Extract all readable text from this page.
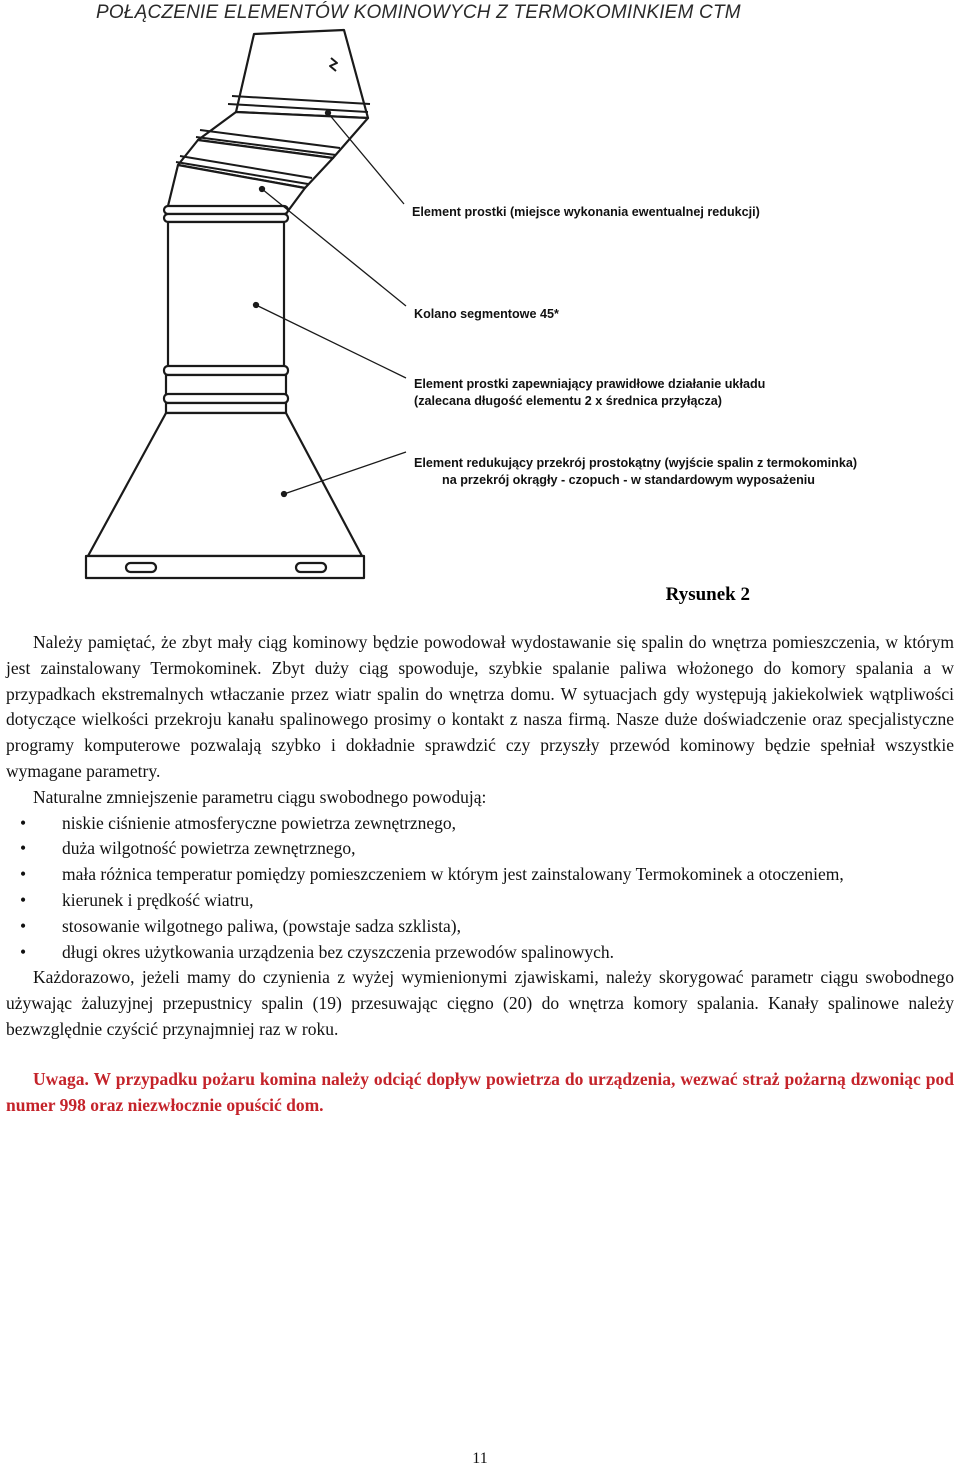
POŁĄCZENIE ELEMENTÓW KOMINOWYCH Z TERMOKOMINKIEM CTM
Element prostki (miejsce wykonania ewentualnej redukcji)
Kolano segmentowe 45*
Element prostki zapewniający prawidłowe działanie układu
(zalecana długość elementu 2 x średnica przyłącza)
Element redukujący przekrój prostokątny (wyjście spalin z termokominka)
na przekrój okrągły - czopuch - w standardowym wyposażeniu
Rysunek 2

Należy pamiętać, że zbyt mały ciąg kominowy będzie powodował wydostawanie się spalin do wnętrza pomieszczenia, w którym jest zainstalowany Termokominek. Zbyt duży ciąg spowoduje, szybkie spalanie paliwa włożonego do komory spalania a w przypadkach ekstremalnych wtłaczanie przez wiatr spalin do wnętrza domu. W sytuacjach gdy występują jakiekolwiek wątpliwości dotyczące wielkości przekroju kanału spalinowego prosimy o kontakt z nasza firmą. Nasze duże doświadczenie oraz specjalistyczne programy komputerowe pozwalają szybko i dokładnie sprawdzić czy przyszły przewód kominowy będzie spełniał wszystkie wymagane parametry.

Naturalne zmniejszenie parametru ciągu swobodnego powodują:

• niskie ciśnienie atmosferyczne powietrza zewnętrznego,
• duża wilgotność powietrza zewnętrznego,
• mała różnica temperatur pomiędzy pomieszczeniem w którym jest zainstalowany Termokominek a otoczeniem,
• kierunek i prędkość wiatru,
• stosowanie wilgotnego paliwa, (powstaje sadza szklista),
• długi okres użytkowania urządzenia bez czyszczenia przewodów spalinowych.

Każdorazowo, jeżeli mamy do czynienia z wyżej wymienionymi zjawiskami, należy skorygować parametr ciągu swobodnego używając żaluzyjnej przepustnicy spalin (19) przesuwając cięgno (20) do wnętrza komory spalania. Kanały spalinowe należy bezwzględnie czyścić przynajmniej raz w roku.

Uwaga. W przypadku pożaru komina należy odciąć dopływ powietrza do urządzenia, wezwać straż pożarną dzwoniąc pod numer 998 oraz niezwłocznie opuścić dom.

11
